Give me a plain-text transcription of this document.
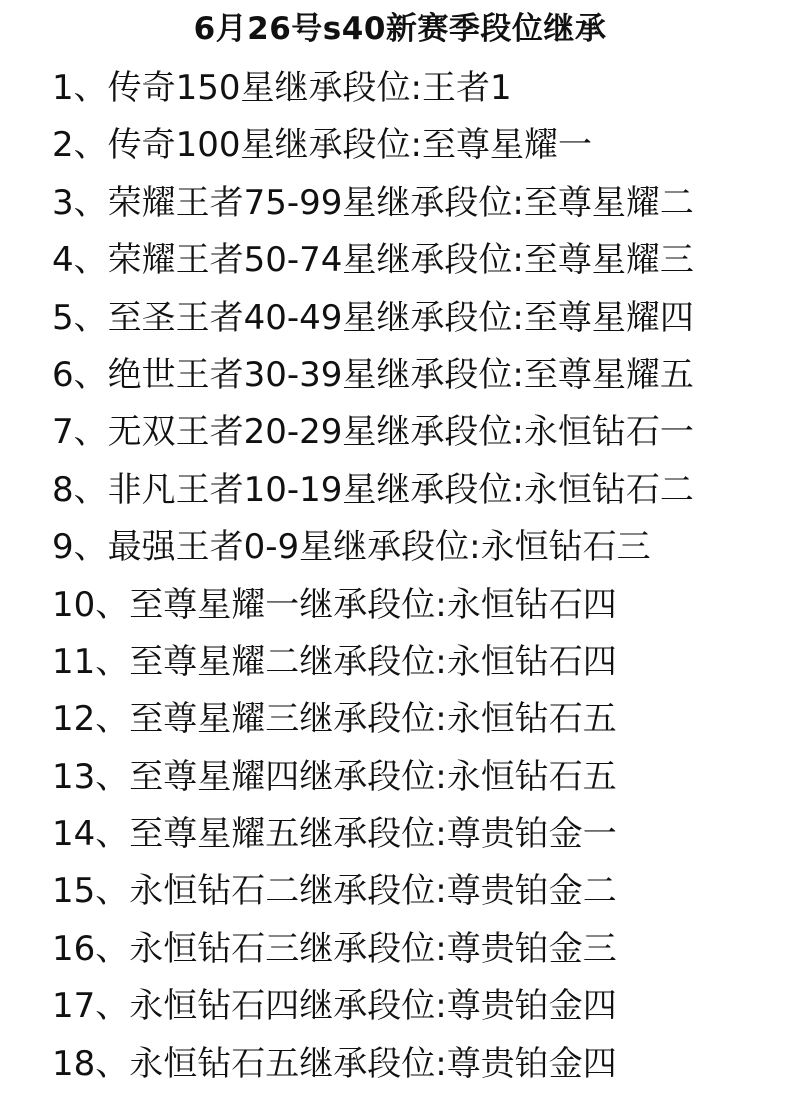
6月26号s40新赛季段位继承
1、传奇150星继承段位:王者1
2、传奇100星继承段位:至尊星耀一
3、荣耀王者75-99星继承段位:至尊星耀二
4、荣耀王者50-74星继承段位:至尊星耀三
5、至圣王者40-49星继承段位:至尊星耀四
6、绝世王者30-39星继承段位:至尊星耀五
7、无双王者20-29星继承段位:永恒钻石一
8、非凡王者10-19星继承段位:永恒钻石二
9、最强王者0-9星继承段位:永恒钻石三
10、至尊星耀一继承段位:永恒钻石四
11、至尊星耀二继承段位:永恒钻石四
12、至尊星耀三继承段位:永恒钻石五
13、至尊星耀四继承段位:永恒钻石五
14、至尊星耀五继承段位:尊贵铂金一
15、永恒钻石二继承段位:尊贵铂金二
16、永恒钻石三继承段位:尊贵铂金三
17、永恒钻石四继承段位:尊贵铂金四
18、永恒钻石五继承段位:尊贵铂金四
